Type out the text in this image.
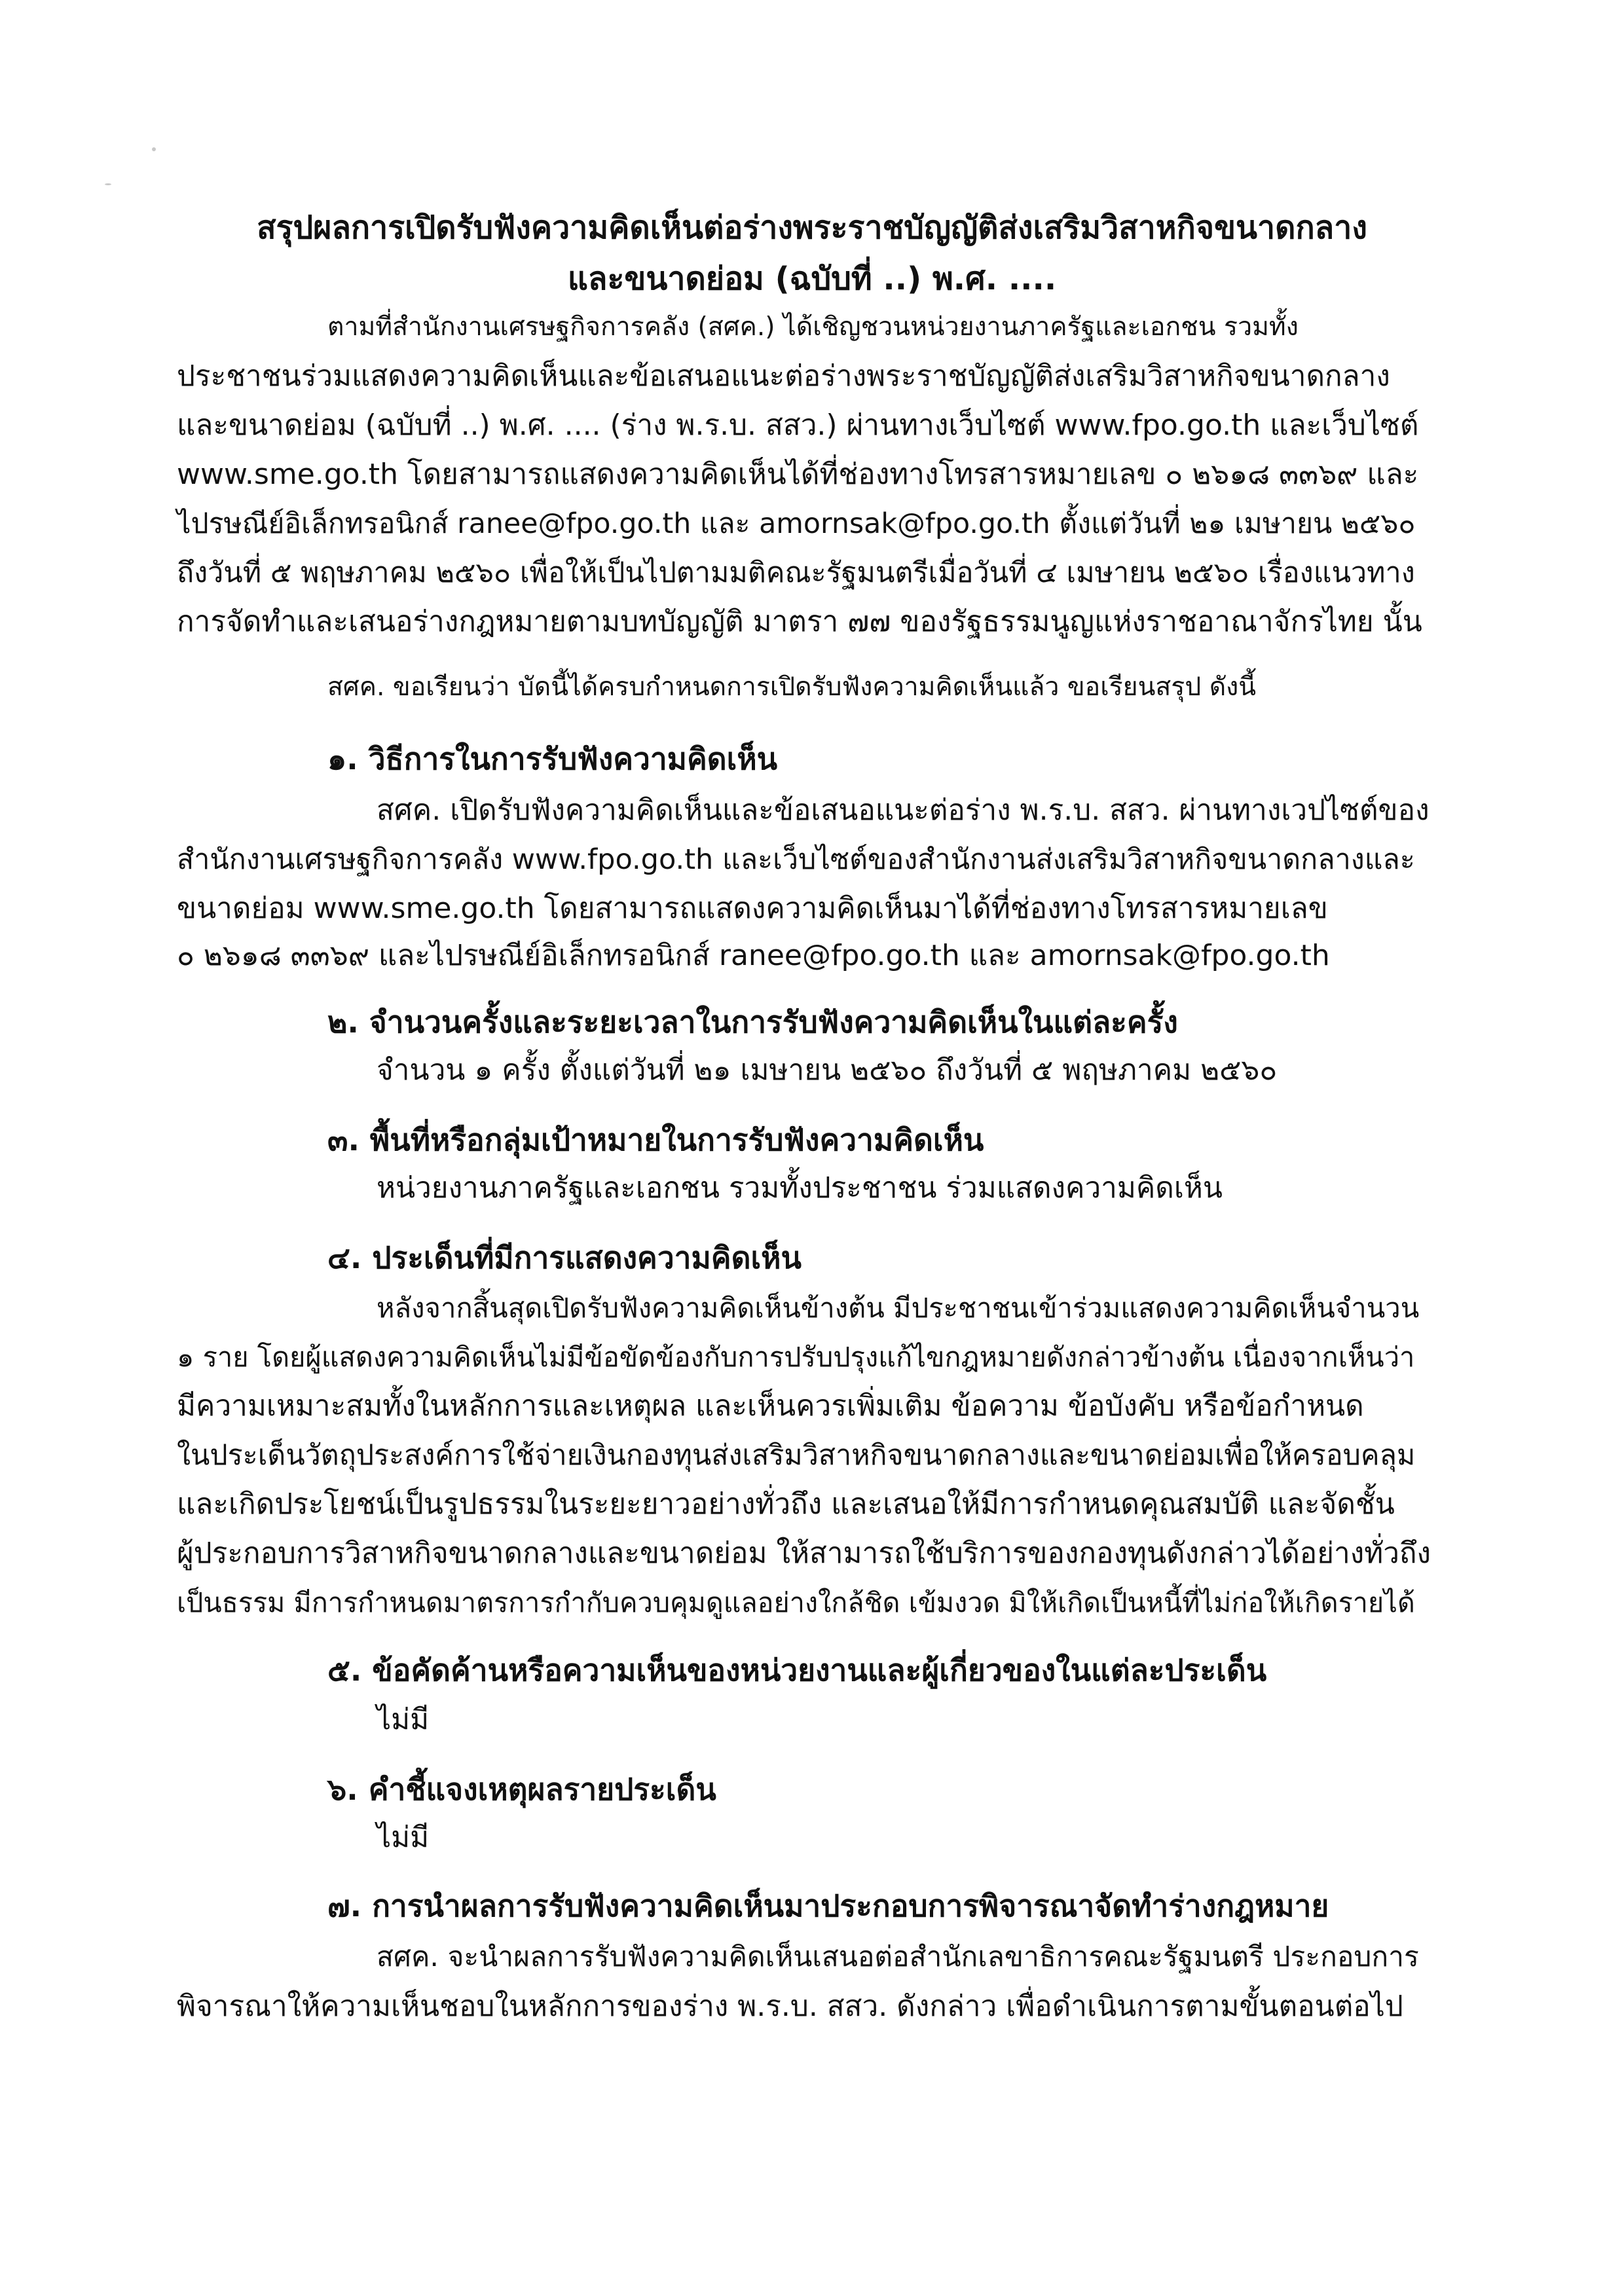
สรุปผลการเปิดรับฟังความคิดเห็นต่อร่างพระราชบัญญัติส่งเสริมวิสาหกิจขนาดกลาง
และขนาดย่อม (ฉบับที่ ..) พ.ศ. ....
ตามที่สำนักงานเศรษฐกิจการคลัง (สศค.) ได้เชิญชวนหน่วยงานภาครัฐและเอกชน รวมทั้ง
ประชาชนร่วมแสดงความคิดเห็นและข้อเสนอแนะต่อร่างพระราชบัญญัติส่งเสริมวิสาหกิจขนาดกลาง
และขนาดย่อม (ฉบับที่ ..) พ.ศ. .... (ร่าง พ.ร.บ. สสว.) ผ่านทางเว็บไซต์ www.fpo.go.th และเว็บไซต์
www.sme.go.th โดยสามารถแสดงความคิดเห็นได้ที่ช่องทางโทรสารหมายเลข ๐ ๒๖๑๘ ๓๓๖๙ และ
ไปรษณีย์อิเล็กทรอนิกส์ ranee@fpo.go.th และ amornsak@fpo.go.th ตั้งแต่วันที่ ๒๑ เมษายน ๒๕๖๐
ถึงวันที่ ๕ พฤษภาคม ๒๕๖๐ เพื่อให้เป็นไปตามมติคณะรัฐมนตรีเมื่อวันที่ ๔ เมษายน ๒๕๖๐ เรื่องแนวทาง
การจัดทำและเสนอร่างกฎหมายตามบทบัญญัติ มาตรา ๗๗ ของรัฐธรรมนูญแห่งราชอาณาจักรไทย นั้น
สศค. ขอเรียนว่า บัดนี้ได้ครบกำหนดการเปิดรับฟังความคิดเห็นแล้ว ขอเรียนสรุป ดังนี้
๑. วิธีการในการรับฟังความคิดเห็น
สศค. เปิดรับฟังความคิดเห็นและข้อเสนอแนะต่อร่าง พ.ร.บ. สสว. ผ่านทางเวปไซต์ของ
สำนักงานเศรษฐกิจการคลัง www.fpo.go.th และเว็บไซต์ของสำนักงานส่งเสริมวิสาหกิจขนาดกลางและ
ขนาดย่อม www.sme.go.th โดยสามารถแสดงความคิดเห็นมาได้ที่ช่องทางโทรสารหมายเลข
๐ ๒๖๑๘ ๓๓๖๙ และไปรษณีย์อิเล็กทรอนิกส์ ranee@fpo.go.th และ amornsak@fpo.go.th
๒. จำนวนครั้งและระยะเวลาในการรับฟังความคิดเห็นในแต่ละครั้ง
จำนวน ๑ ครั้ง ตั้งแต่วันที่ ๒๑ เมษายน ๒๕๖๐ ถึงวันที่ ๕ พฤษภาคม ๒๕๖๐
๓. พื้นที่หรือกลุ่มเป้าหมายในการรับฟังความคิดเห็น
หน่วยงานภาครัฐและเอกชน รวมทั้งประชาชน ร่วมแสดงความคิดเห็น
๔. ประเด็นที่มีการแสดงความคิดเห็น
หลังจากสิ้นสุดเปิดรับฟังความคิดเห็นข้างต้น มีประชาชนเข้าร่วมแสดงความคิดเห็นจำนวน
๑ ราย โดยผู้แสดงความคิดเห็นไม่มีข้อขัดข้องกับการปรับปรุงแก้ไขกฎหมายดังกล่าวข้างต้น เนื่องจากเห็นว่า
มีความเหมาะสมทั้งในหลักการและเหตุผล และเห็นควรเพิ่มเติม ข้อความ ข้อบังคับ หรือข้อกำหนด
ในประเด็นวัตถุประสงค์การใช้จ่ายเงินกองทุนส่งเสริมวิสาหกิจขนาดกลางและขนาดย่อมเพื่อให้ครอบคลุม
และเกิดประโยชน์เป็นรูปธรรมในระยะยาวอย่างทั่วถึง และเสนอให้มีการกำหนดคุณสมบัติ และจัดชั้น
ผู้ประกอบการวิสาหกิจขนาดกลางและขนาดย่อม ให้สามารถใช้บริการของกองทุนดังกล่าวได้อย่างทั่วถึง
เป็นธรรม มีการกำหนดมาตรการกำกับควบคุมดูแลอย่างใกล้ชิด เข้มงวด มิให้เกิดเป็นหนี้ที่ไม่ก่อให้เกิดรายได้
๕. ข้อคัดค้านหรือความเห็นของหน่วยงานและผู้เกี่ยวของในแต่ละประเด็น
ไม่มี
๖. คำชี้แจงเหตุผลรายประเด็น
ไม่มี
๗. การนำผลการรับฟังความคิดเห็นมาประกอบการพิจารณาจัดทำร่างกฎหมาย
สศค. จะนำผลการรับฟังความคิดเห็นเสนอต่อสำนักเลขาธิการคณะรัฐมนตรี ประกอบการ
พิจารณาให้ความเห็นชอบในหลักการของร่าง พ.ร.บ. สสว. ดังกล่าว เพื่อดำเนินการตามขั้นตอนต่อไป
